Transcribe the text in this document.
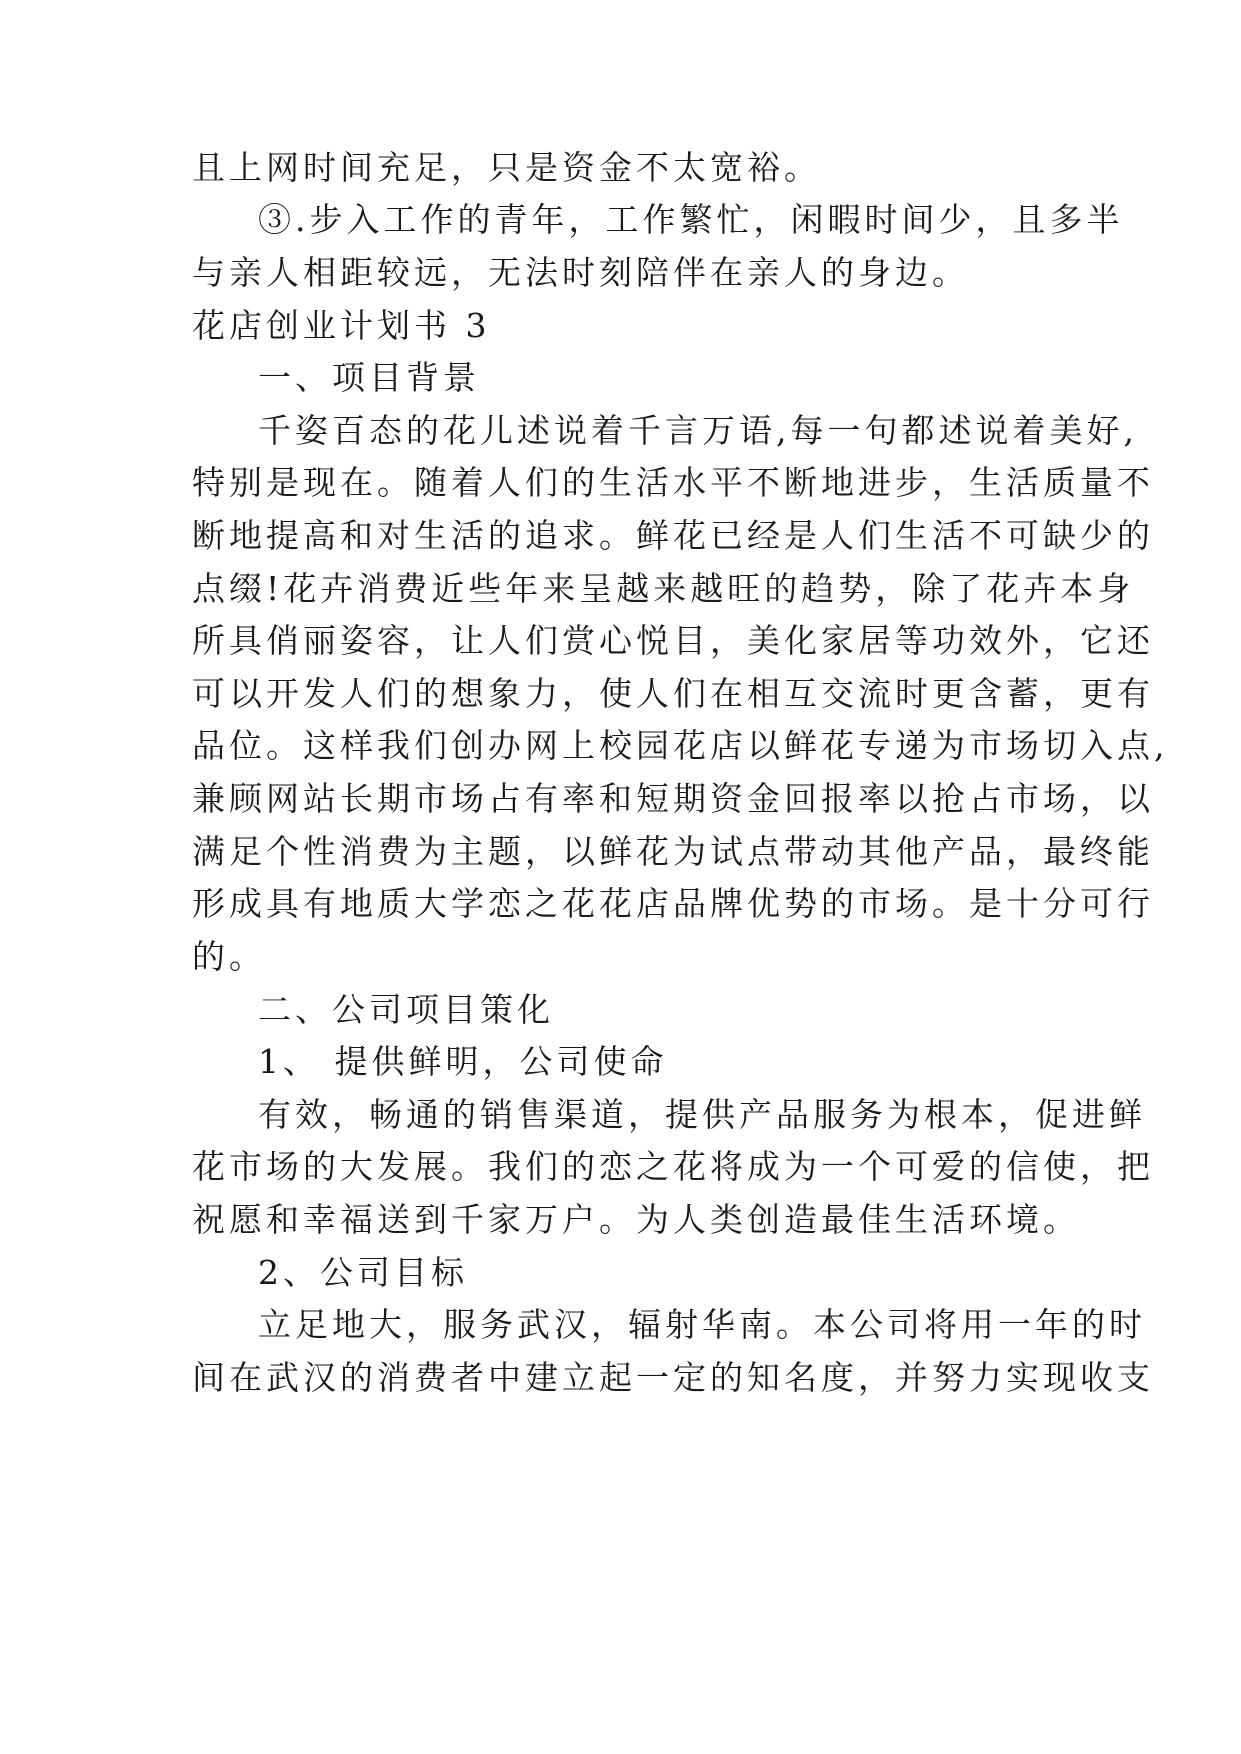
且上网时间充足，只是资金不太宽裕。
③.步入工作的青年，工作繁忙，闲暇时间少，且多半
与亲人相距较远，无法时刻陪伴在亲人的身边。
花店创业计划书 3
一、项目背景
千姿百态的花儿述说着千言万语,每一句都述说着美好,
特别是现在。随着人们的生活水平不断地进步，生活质量不
断地提高和对生活的追求。鲜花已经是人们生活不可缺少的
点缀!花卉消费近些年来呈越来越旺的趋势，除了花卉本身
所具俏丽姿容，让人们赏心悦目，美化家居等功效外，它还
可以开发人们的想象力，使人们在相互交流时更含蓄，更有
品位。这样我们创办网上校园花店以鲜花专递为市场切入点,
兼顾网站长期市场占有率和短期资金回报率以抢占市场，以
满足个性消费为主题，以鲜花为试点带动其他产品，最终能
形成具有地质大学恋之花花店品牌优势的市场。是十分可行
的。
二、公司项目策化
1、 提供鲜明，公司使命
有效，畅通的销售渠道，提供产品服务为根本，促进鲜
花市场的大发展。我们的恋之花将成为一个可爱的信使，把
祝愿和幸福送到千家万户。为人类创造最佳生活环境。
2、公司目标
立足地大，服务武汉，辐射华南。本公司将用一年的时
间在武汉的消费者中建立起一定的知名度，并努力实现收支
